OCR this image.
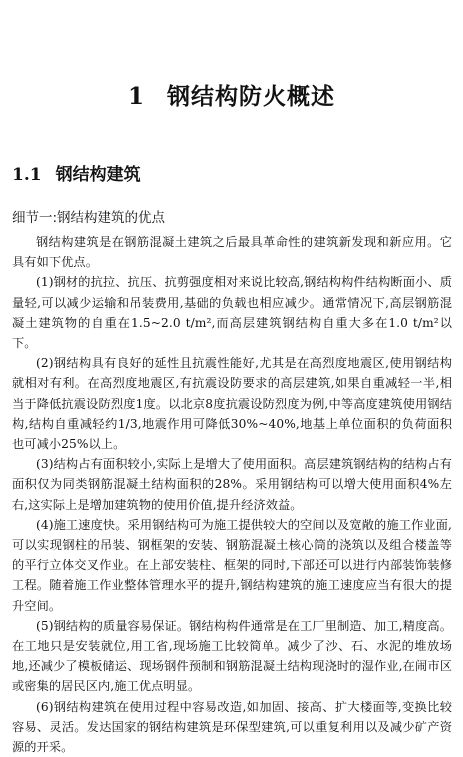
1 钢结构防火概述
1.1 钢结构建筑
细节一:钢结构建筑的优点

钢结构建筑是在钢筋混凝土建筑之后最具革命性的建筑新发现和新应用。它具有如下优点。

(1)钢材的抗拉、抗压、抗剪强度相对来说比较高,钢结构构件结构断面小、质量轻,可以减少运输和吊装费用,基础的负载也相应减少。通常情况下,高层钢筋混凝土建筑物的自重在1.5~2.0 t/m²,而高层建筑钢结构自重大多在1.0 t/m²以下。

(2)钢结构具有良好的延性且抗震性能好,尤其是在高烈度地震区,使用钢结构就相对有利。在高烈度地震区,有抗震设防要求的高层建筑,如果自重减轻一半,相当于降低抗震设防烈度1度。以北京8度抗震设防烈度为例,中等高度建筑使用钢结构,结构自重减轻约1/3,地震作用可降低30%~40%,地基上单位面积的负荷面积也可减小25%以上。

(3)结构占有面积较小,实际上是增大了使用面积。高层建筑钢结构的结构占有面积仅为同类钢筋混凝土结构面积的28%。采用钢结构可以增大使用面积4%左右,这实际上是增加建筑物的使用价值,提升经济效益。

(4)施工速度快。采用钢结构可为施工提供较大的空间以及宽敞的施工作业面,可以实现钢柱的吊装、钢框架的安装、钢筋混凝土核心筒的浇筑以及组合楼盖等的平行立体交叉作业。在上部安装柱、框架的同时,下部还可以进行内部装饰装修工程。随着施工作业整体管理水平的提升,钢结构建筑的施工速度应当有很大的提升空间。

(5)钢结构的质量容易保证。钢结构构件通常是在工厂里制造、加工,精度高。在工地只是安装就位,用工省,现场施工比较简单。减少了沙、石、水泥的堆放场地,还减少了模板储运、现场钢件预制和钢筋混凝土结构现浇时的湿作业,在闹市区或密集的居民区内,施工优点明显。

(6)钢结构建筑在使用过程中容易改造,如加固、接高、扩大楼面等,变换比较容易、灵活。发达国家的钢结构建筑是环保型建筑,可以重复利用以及减少矿产资源的开采。
